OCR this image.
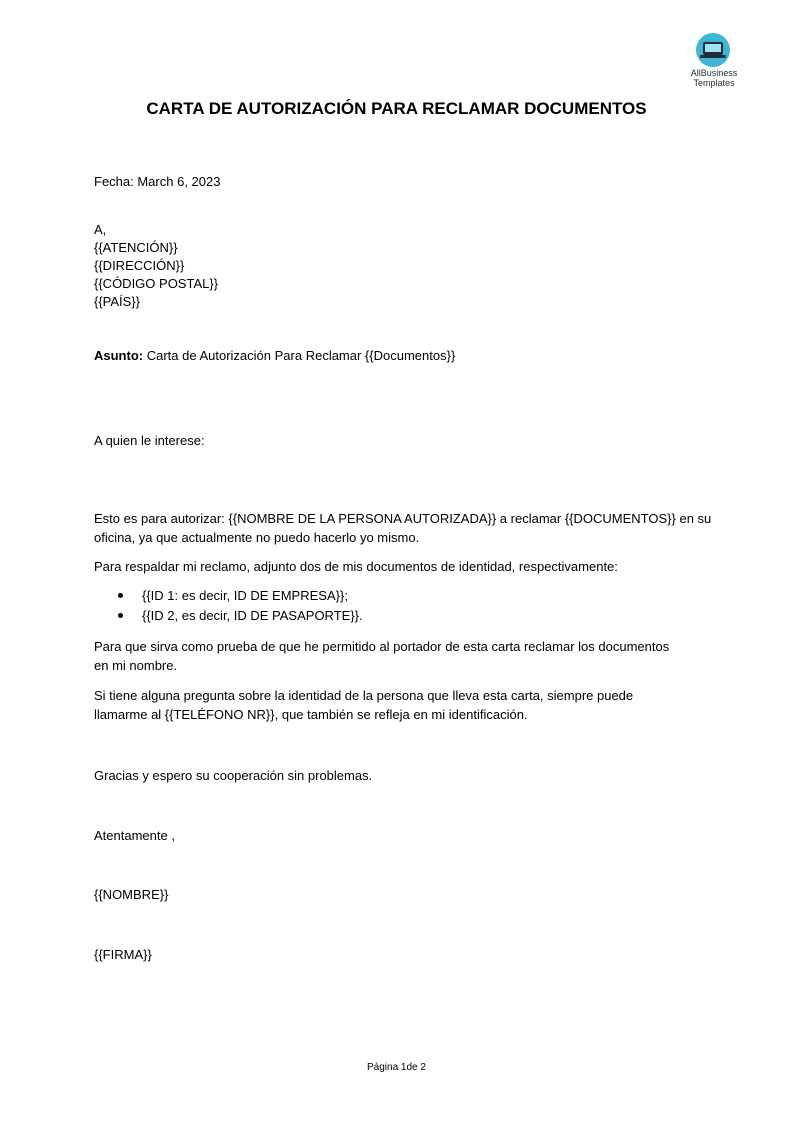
AllBusiness
Templates
CARTA DE AUTORIZACIÓN PARA RECLAMAR DOCUMENTOS
Fecha: March 6, 2023
A,
{{ATENCIÓN}}
{{DIRECCIÓN}}
{{CÓDIGO POSTAL}}
{{PAÍS}}
Asunto: Carta de Autorización Para Reclamar {{Documentos}}
A quien le interese:
Esto es para autorizar: {{NOMBRE DE LA PERSONA AUTORIZADA}} a reclamar {{DOCUMENTOS}} en su
oficina, ya que actualmente no puedo hacerlo yo mismo.
Para respaldar mi reclamo, adjunto dos de mis documentos de identidad, respectivamente:
{{ID 1: es decir, ID DE EMPRESA}};
{{ID 2, es decir, ID DE PASAPORTE}}.
Para que sirva como prueba de que he permitido al portador de esta carta reclamar los documentos
en mi nombre.
Si tiene alguna pregunta sobre la identidad de la persona que lleva esta carta, siempre puede
llamarme al {{TELÉFONO NR}}, que también se refleja en mi identificación.
Gracias y espero su cooperación sin problemas.
Atentamente ,
{{NOMBRE}}
{{FIRMA}}
Página 1de 2
